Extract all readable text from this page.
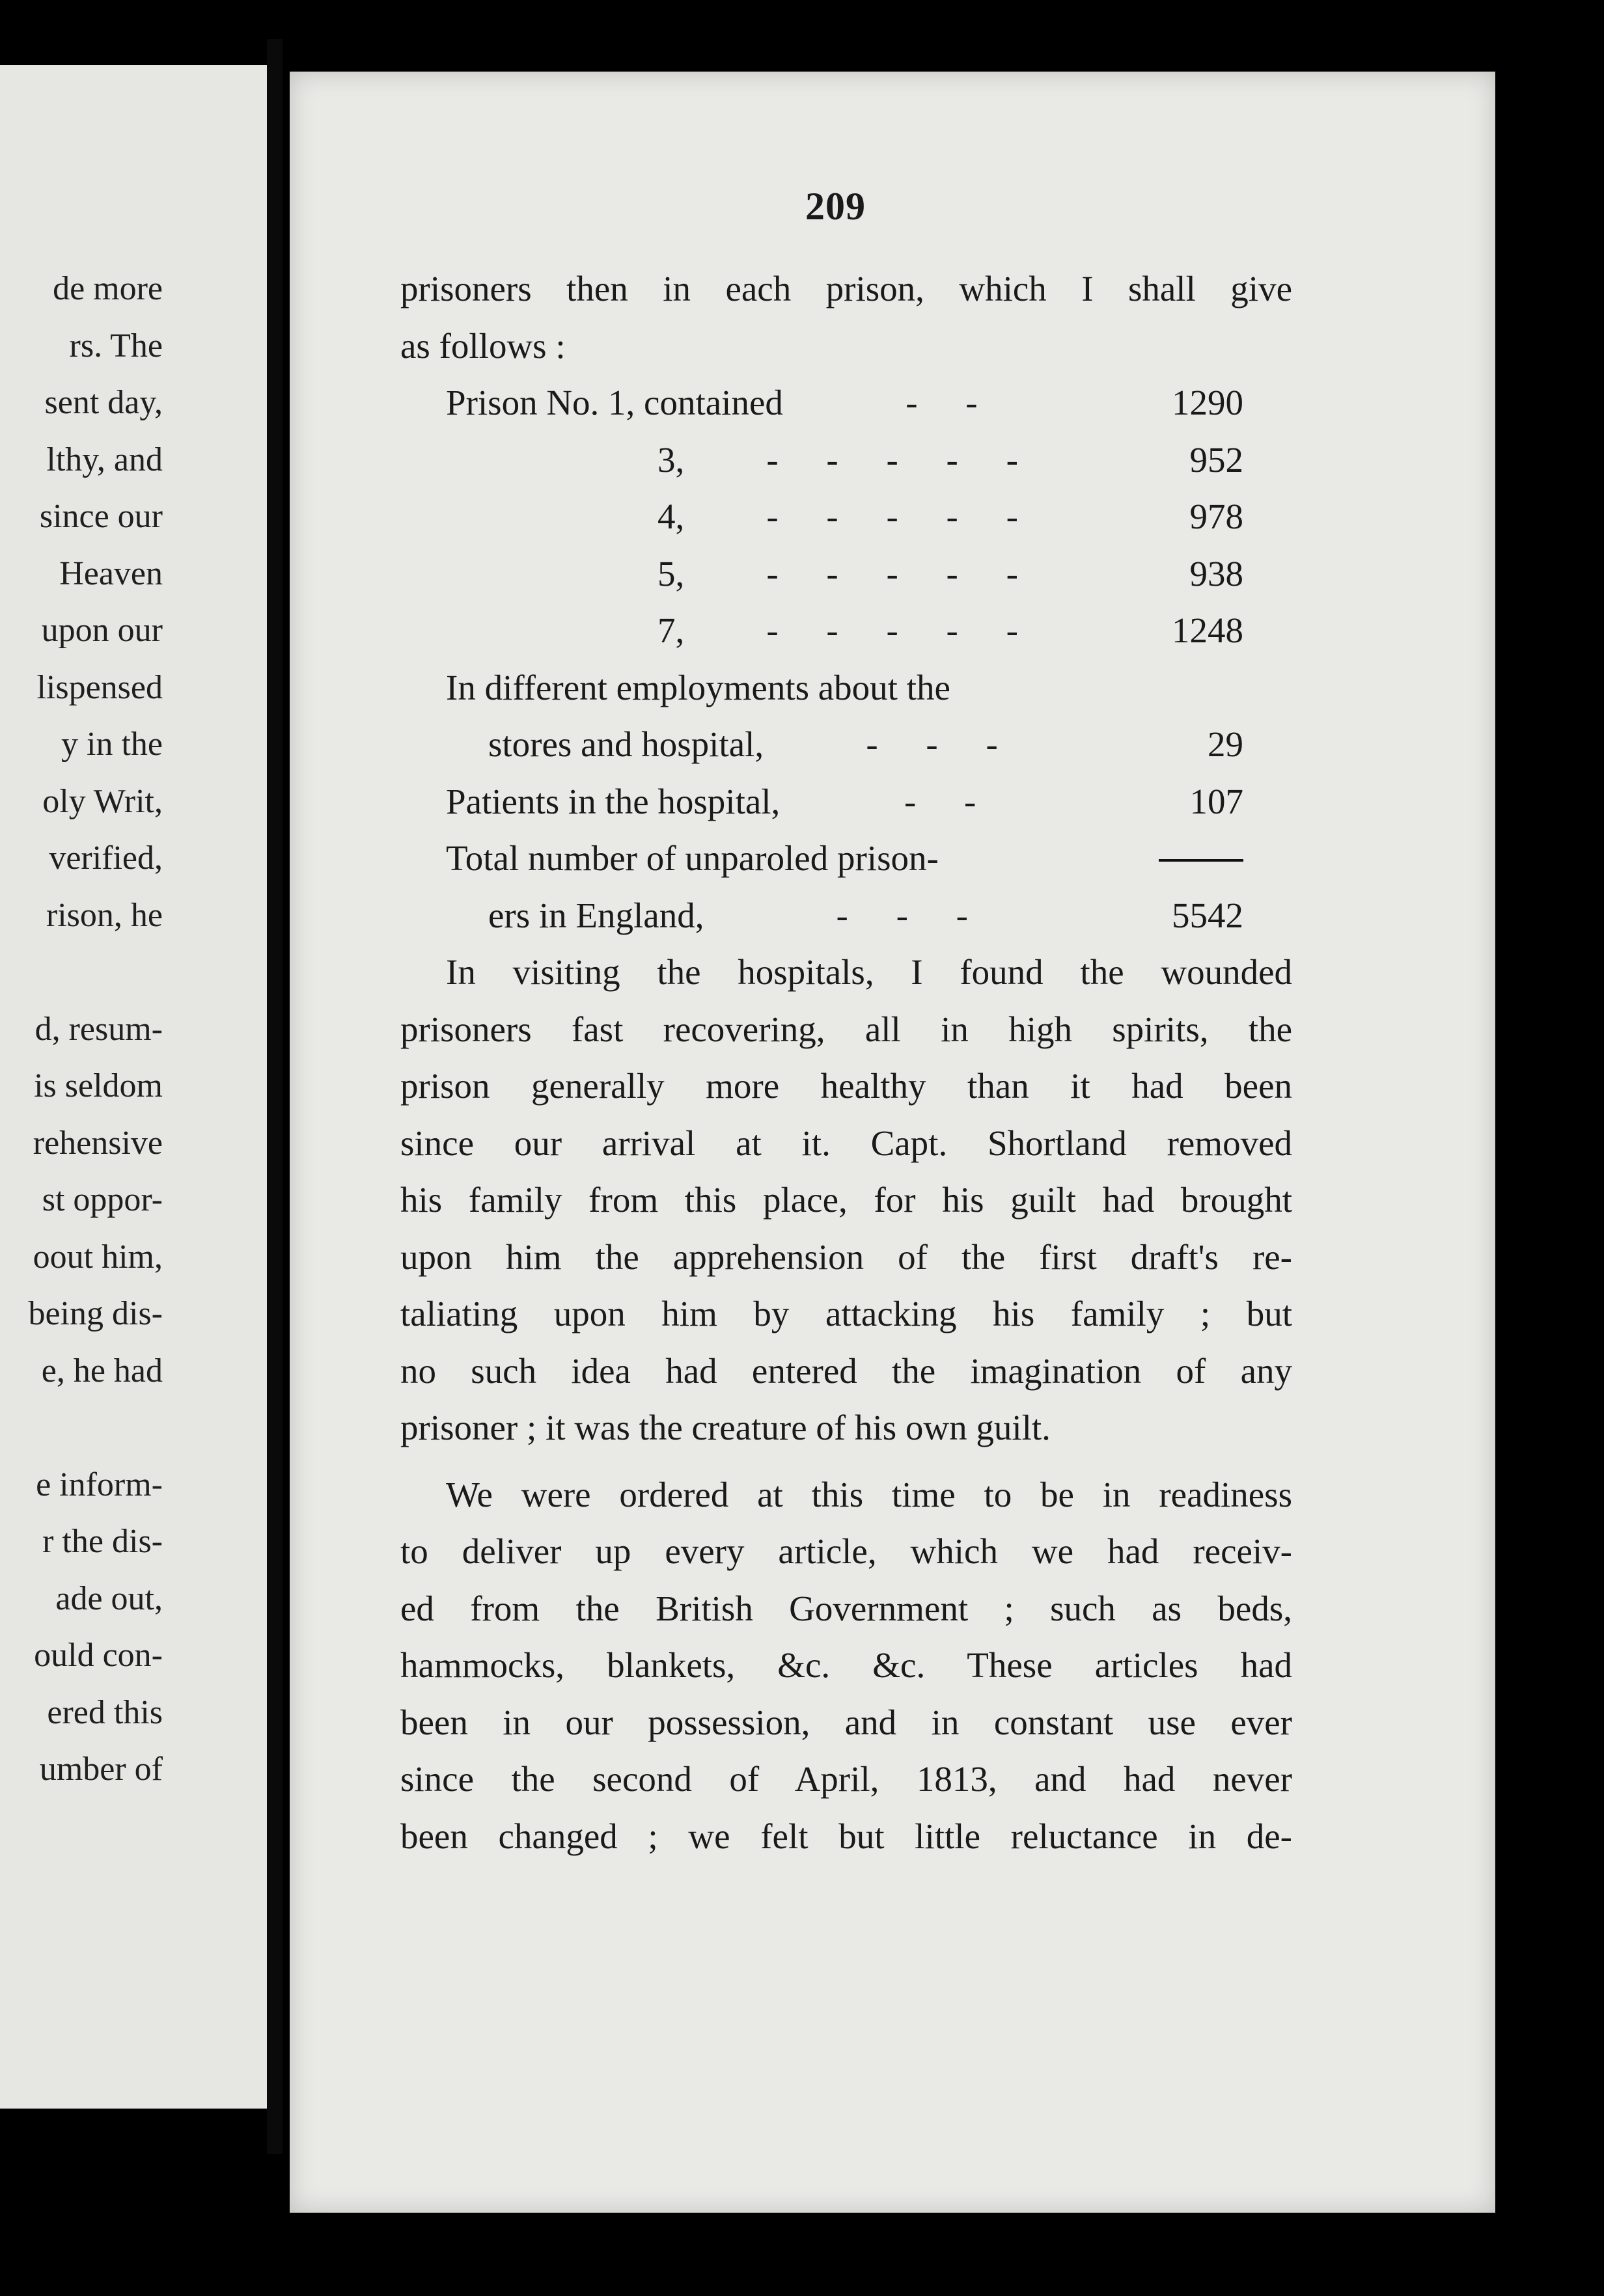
de more
rs. The
sent day,
lthy, and
since our
Heaven
upon our
lispensed
y in the
oly Writ,
verified,
rison, he
d, resum-
is seldom
rehensive
st oppor-
oout him,
being dis-
e, he had
e inform-
r the dis-
ade out,
ould con-
ered this
umber of
209
prisoners then in each prison, which I shall give
as follows :
Prison No. 1, contained	- -	1290
3,	- - - - -	952
4,	- - - - -	978
5,	- - - - -	938
7,	- - - - -	1248
In different employments about the
stores and hospital,	- - -	29
Patients in the hospital,	- -	107
Total number of unparoled prison-
ers in England,	- - -	5542
In visiting the hospitals, I found the wounded
prisoners fast recovering, all in high spirits, the
prison generally more healthy than it had been
since our arrival at it. Capt. Shortland removed
his family from this place, for his guilt had brought
upon him the apprehension of the first draft's re-
taliating upon him by attacking his family ; but
no such idea had entered the imagination of any
prisoner ; it was the creature of his own guilt.
We were ordered at this time to be in readiness
to deliver up every article, which we had receiv-
ed from the British Government ; such as beds,
hammocks, blankets, &c. &c. These articles had
been in our possession, and in constant use ever
since the second of April, 1813, and had never
been changed ; we felt but little reluctance in de-
